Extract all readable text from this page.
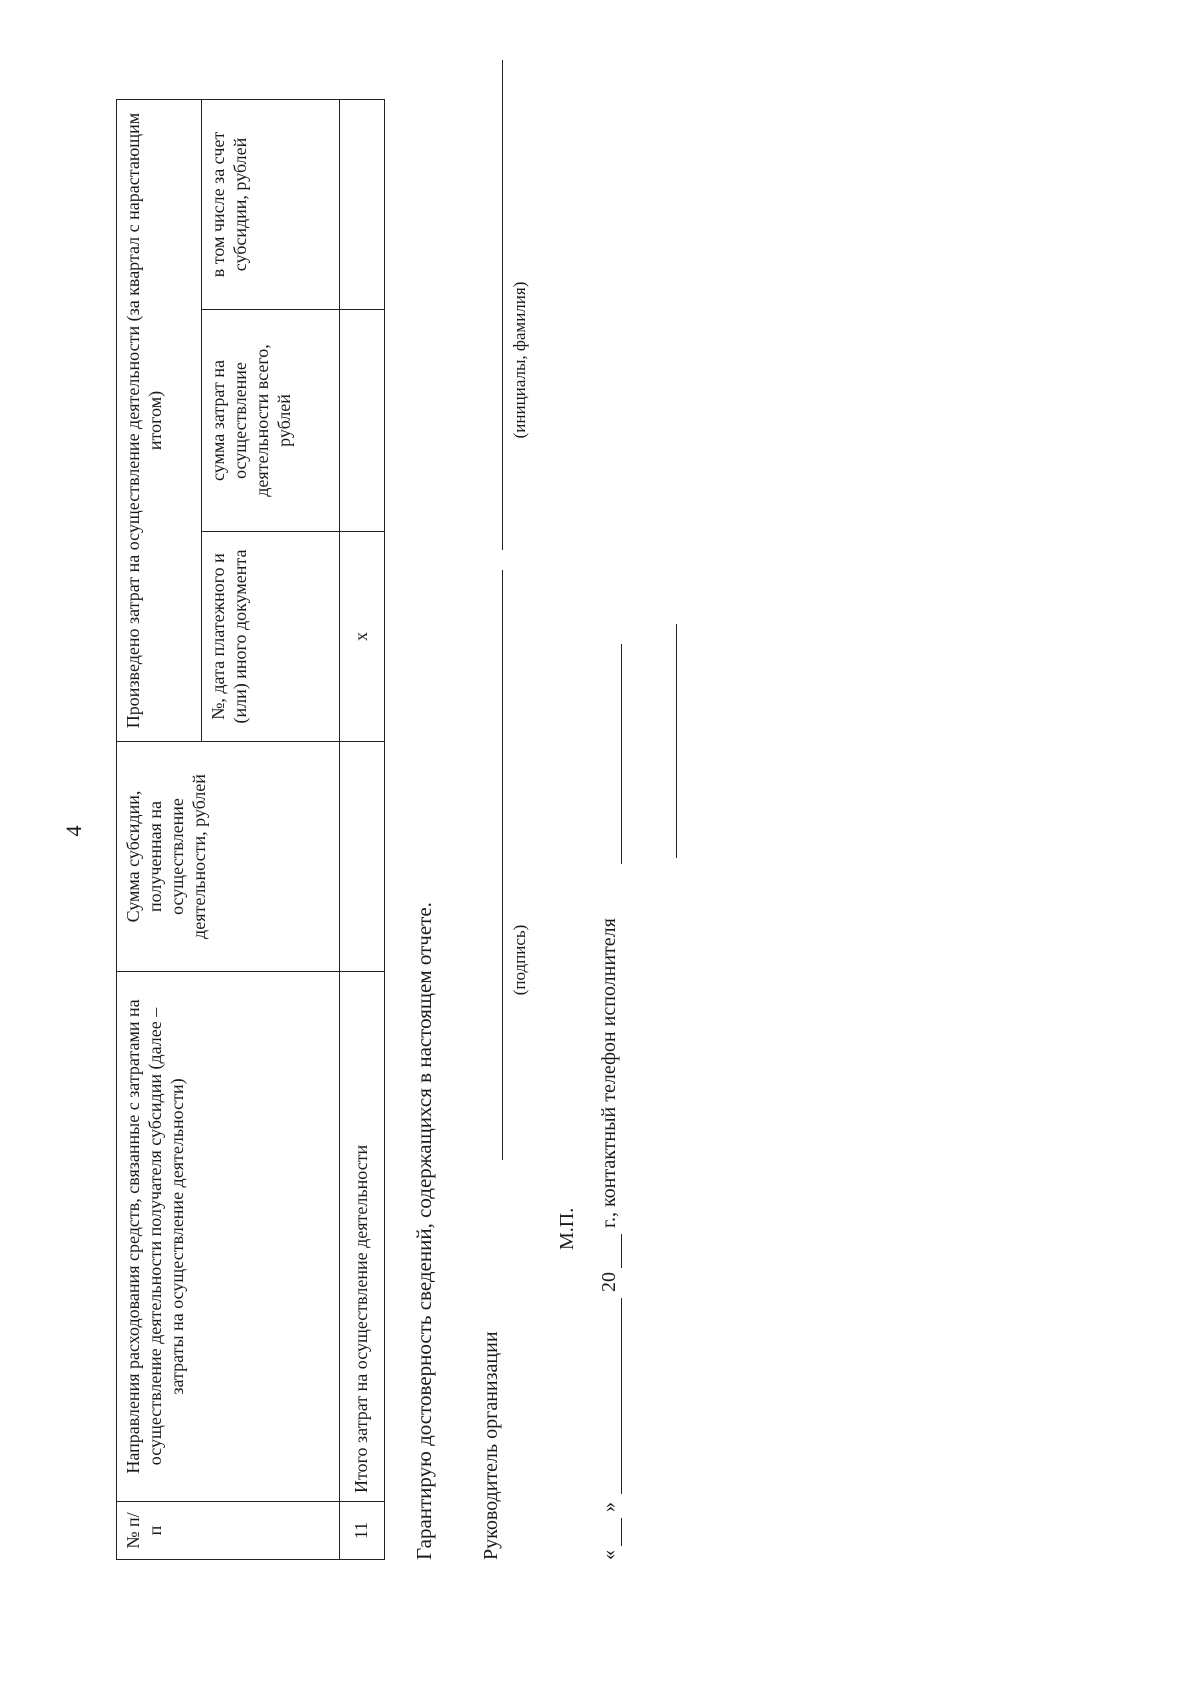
4
№ п/п	Направления расходования средств, связанные с затратами на осуществление деятельности получателя субсидии (далее – затраты на осуществление деятельности)	Сумма субсидии, полученная на осуществление деятельности, рублей	Произведено затрат на осуществление деятельности (за квартал с нарастающим итогом)		
			№, дата платежного и (или) иного документа	сумма затрат на осуществление деятельности всего, рублей	в том числе за счет субсидии, рублей
11	Итого затрат на осуществление деятельности		х		
Гарантирую достоверность сведений, содержащихся в настоящем отчете. Руководитель организации
(подпись)
(инициалы, фамилия)
М.П.
«
»
20
г., контактный телефон исполнителя
